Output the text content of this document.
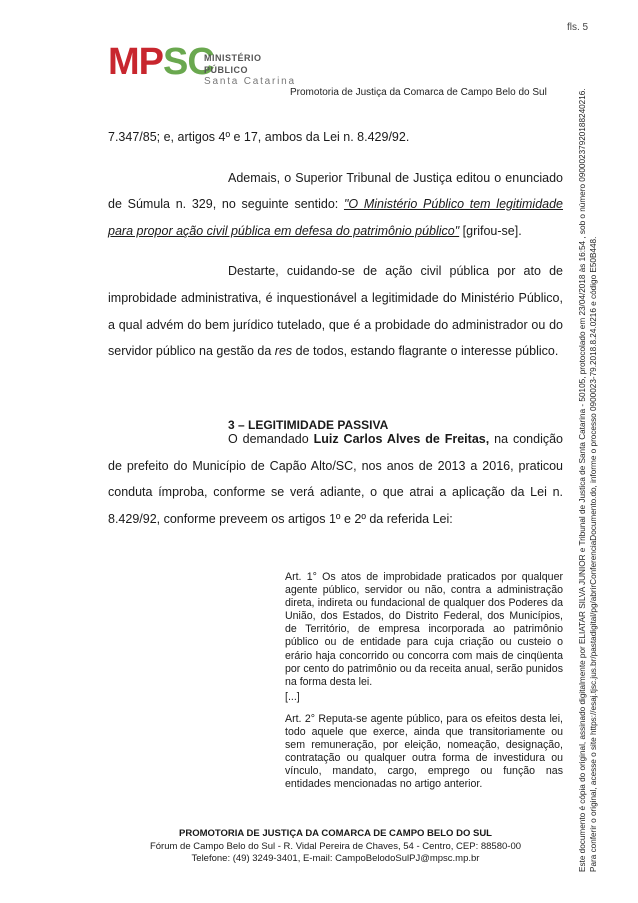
fls. 5
MPSC
MINISTÉRIO PÚBLICO
Santa Catarina
Promotoria de Justiça da Comarca de Campo Belo do Sul

7.347/85; e, artigos 4º e 17, ambos da Lei n. 8.429/92.

Ademais, o Superior Tribunal de Justiça editou o enunciado de Súmula n. 329, no seguinte sentido: "O Ministério Público tem legitimidade para propor ação civil pública em defesa do patrimônio público" [grifou-se].

Destarte, cuidando-se de ação civil pública por ato de improbidade administrativa, é inquestionável a legitimidade do Ministério Público, a qual advém do bem jurídico tutelado, que é a probidade do administrador ou do servidor público na gestão da res de todos, estando flagrante o interesse público.

3 – LEGITIMIDADE PASSIVA

O demandado Luiz Carlos Alves de Freitas, na condição de prefeito do Município de Capão Alto/SC, nos anos de 2013 a 2016, praticou conduta ímproba, conforme se verá adiante, o que atrai a aplicação da Lei n. 8.429/92, conforme preveem os artigos 1º e 2º da referida Lei:

Art. 1° Os atos de improbidade praticados por qualquer agente público, servidor ou não, contra a administração direta, indireta ou fundacional de qualquer dos Poderes da União, dos Estados, do Distrito Federal, dos Municípios, de Território, de empresa incorporada ao patrimônio público ou de entidade para cuja criação ou custeio o erário haja concorrido ou concorra com mais de cinqüenta por cento do patrimônio ou da receita anual, serão punidos na forma desta lei.
[...]
Art. 2° Reputa-se agente público, para os efeitos desta lei, todo aquele que exerce, ainda que transitoriamente ou sem remuneração, por eleição, nomeação, designação, contratação ou qualquer outra forma de investidura ou vínculo, mandato, cargo, emprego ou função nas entidades mencionadas no artigo anterior.
PROMOTORIA DE JUSTIÇA DA COMARCA DE CAMPO BELO DO SUL
Fórum de Campo Belo do Sul - R. Vidal Pereira de Chaves, 54 - Centro, CEP: 88580-00
Telefone: (49) 3249-3401, E-mail: CampoBelodoSulPJ@mpsc.mp.br	Este documento é cópia do original, assinado digitalmente por ELIATAR SILVA JUNIOR e Tribunal de Justica de Santa Catarina - 50105, protocolado em 23/04/2018 às 16:54 , sob o número 09000237920188240216. Para conferir o original, acesse o site https://esaj.tjsc.jus.br/pastadigital/pg/abrirConferenciaDocumento.do, informe o processo 0900023-79.2018.8.24.0216 e código E50B448.
